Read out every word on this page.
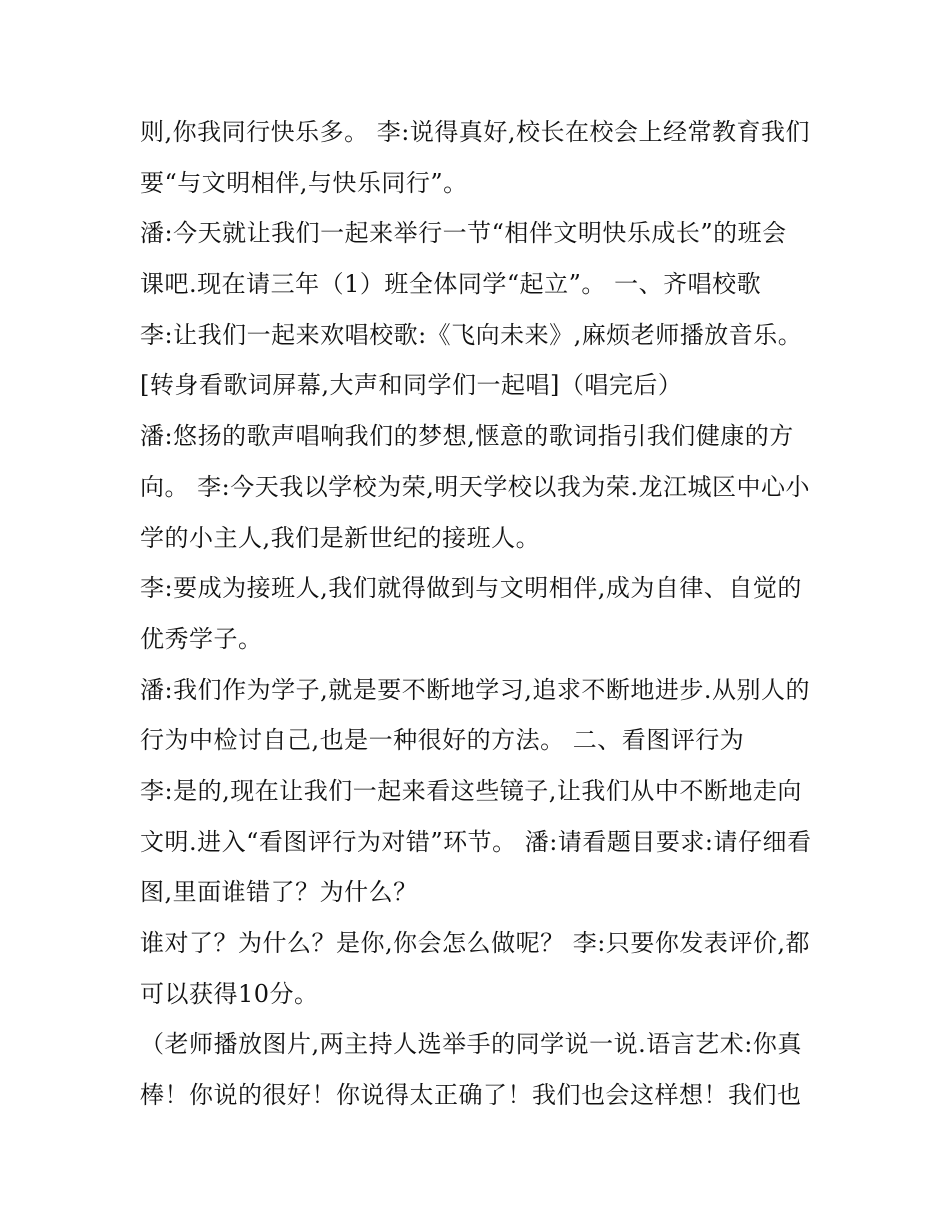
则,你我同行快乐多。 李:说得真好,校长在校会上经常教育我们
要“与文明相伴,与快乐同行”。
潘:今天就让我们一起来举行一节“相伴文明快乐成长”的班会
课吧.现在请三年（1）班全体同学“起立”。 一、齐唱校歌
李:让我们一起来欢唱校歌:《飞向未来》,麻烦老师播放音乐。
[转身看歌词屏幕,大声和同学们一起唱]（唱完后）
潘:悠扬的歌声唱响我们的梦想,惬意的歌词指引我们健康的方
向。 李:今天我以学校为荣,明天学校以我为荣.龙江城区中心小
学的小主人,我们是新世纪的接班人。
李:要成为接班人,我们就得做到与文明相伴,成为自律、自觉的
优秀学子。
潘:我们作为学子,就是要不断地学习,追求不断地进步.从别人的
行为中检讨自己,也是一种很好的方法。 二、看图评行为
李:是的,现在让我们一起来看这些镜子,让我们从中不断地走向
文明.进入“看图评行为对错”环节。 潘:请看题目要求:请仔细看
图,里面谁错了？为什么？
谁对了？为什么？是你,你会怎么做呢？ 李:只要你发表评价,都
可以获得10分。
（老师播放图片,两主持人选举手的同学说一说.语言艺术:你真
棒！你说的很好！你说得太正确了！我们也会这样想！我们也
